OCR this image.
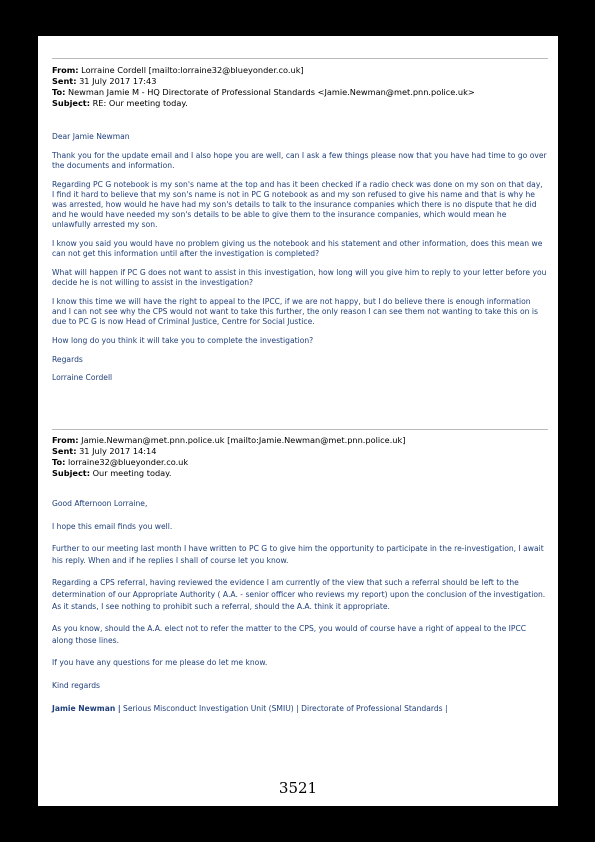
From: Lorraine Cordell [mailto:lorraine32@blueyonder.co.uk]
Sent: 31 July 2017 17:43
To: Newman Jamie M - HQ Directorate of Professional Standards <Jamie.Newman@met.pnn.police.uk>
Subject: RE: Our meeting today.

Dear Jamie Newman

Thank you for the update email and I also hope you are well, can I ask a few things please now that you have had time to go over the documents and information.

Regarding PC G notebook is my son's name at the top and has it been checked if a radio check was done on my son on that day, I find it hard to believe that my son's name is not in PC G notebook as and my son refused to give his name and that is why he was arrested, how would he have had my son's details to talk to the insurance companies which there is no dispute that he did and he would have needed my son's details to be able to give them to the insurance companies, which would mean he unlawfully arrested my son.

I know you said you would have no problem giving us the notebook and his statement and other information, does this mean we can not get this information until after the investigation is completed?

What will happen if PC G does not want to assist in this investigation, how long will you give him to reply to your letter before you decide he is not willing to assist in the investigation?

I know this time we will have the right to appeal to the IPCC, if we are not happy, but I do believe there is enough information and I can not see why the CPS would not want to take this further, the only reason I can see them not wanting to take this on is due to PC G is now Head of Criminal Justice, Centre for Social Justice.

How long do you think it will take you to complete the investigation?

Regards

Lorraine Cordell

From: Jamie.Newman@met.pnn.police.uk [mailto:Jamie.Newman@met.pnn.police.uk]
Sent: 31 July 2017 14:14
To: lorraine32@blueyonder.co.uk
Subject: Our meeting today.

Good Afternoon Lorraine,

I hope this email finds you well.

Further to our meeting last month I have written to PC G to give him the opportunity to participate in the re-investigation, I await his reply. When and if he replies I shall of course let you know.

Regarding a CPS referral, having reviewed the evidence I am currently of the view that such a referral should be left to the determination of our Appropriate Authority ( A.A. - senior officer who reviews my report) upon the conclusion of the investigation. As it stands, I see nothing to prohibit such a referral, should the A.A. think it appropriate.

As you know, should the A.A. elect not to refer the matter to the CPS, you would of course have a right of appeal to the IPCC along those lines.

If you have any questions for me please do let me know.

Kind regards

Jamie Newman | Serious Misconduct Investigation Unit (SMIU) | Directorate of Professional Standards |

3521
